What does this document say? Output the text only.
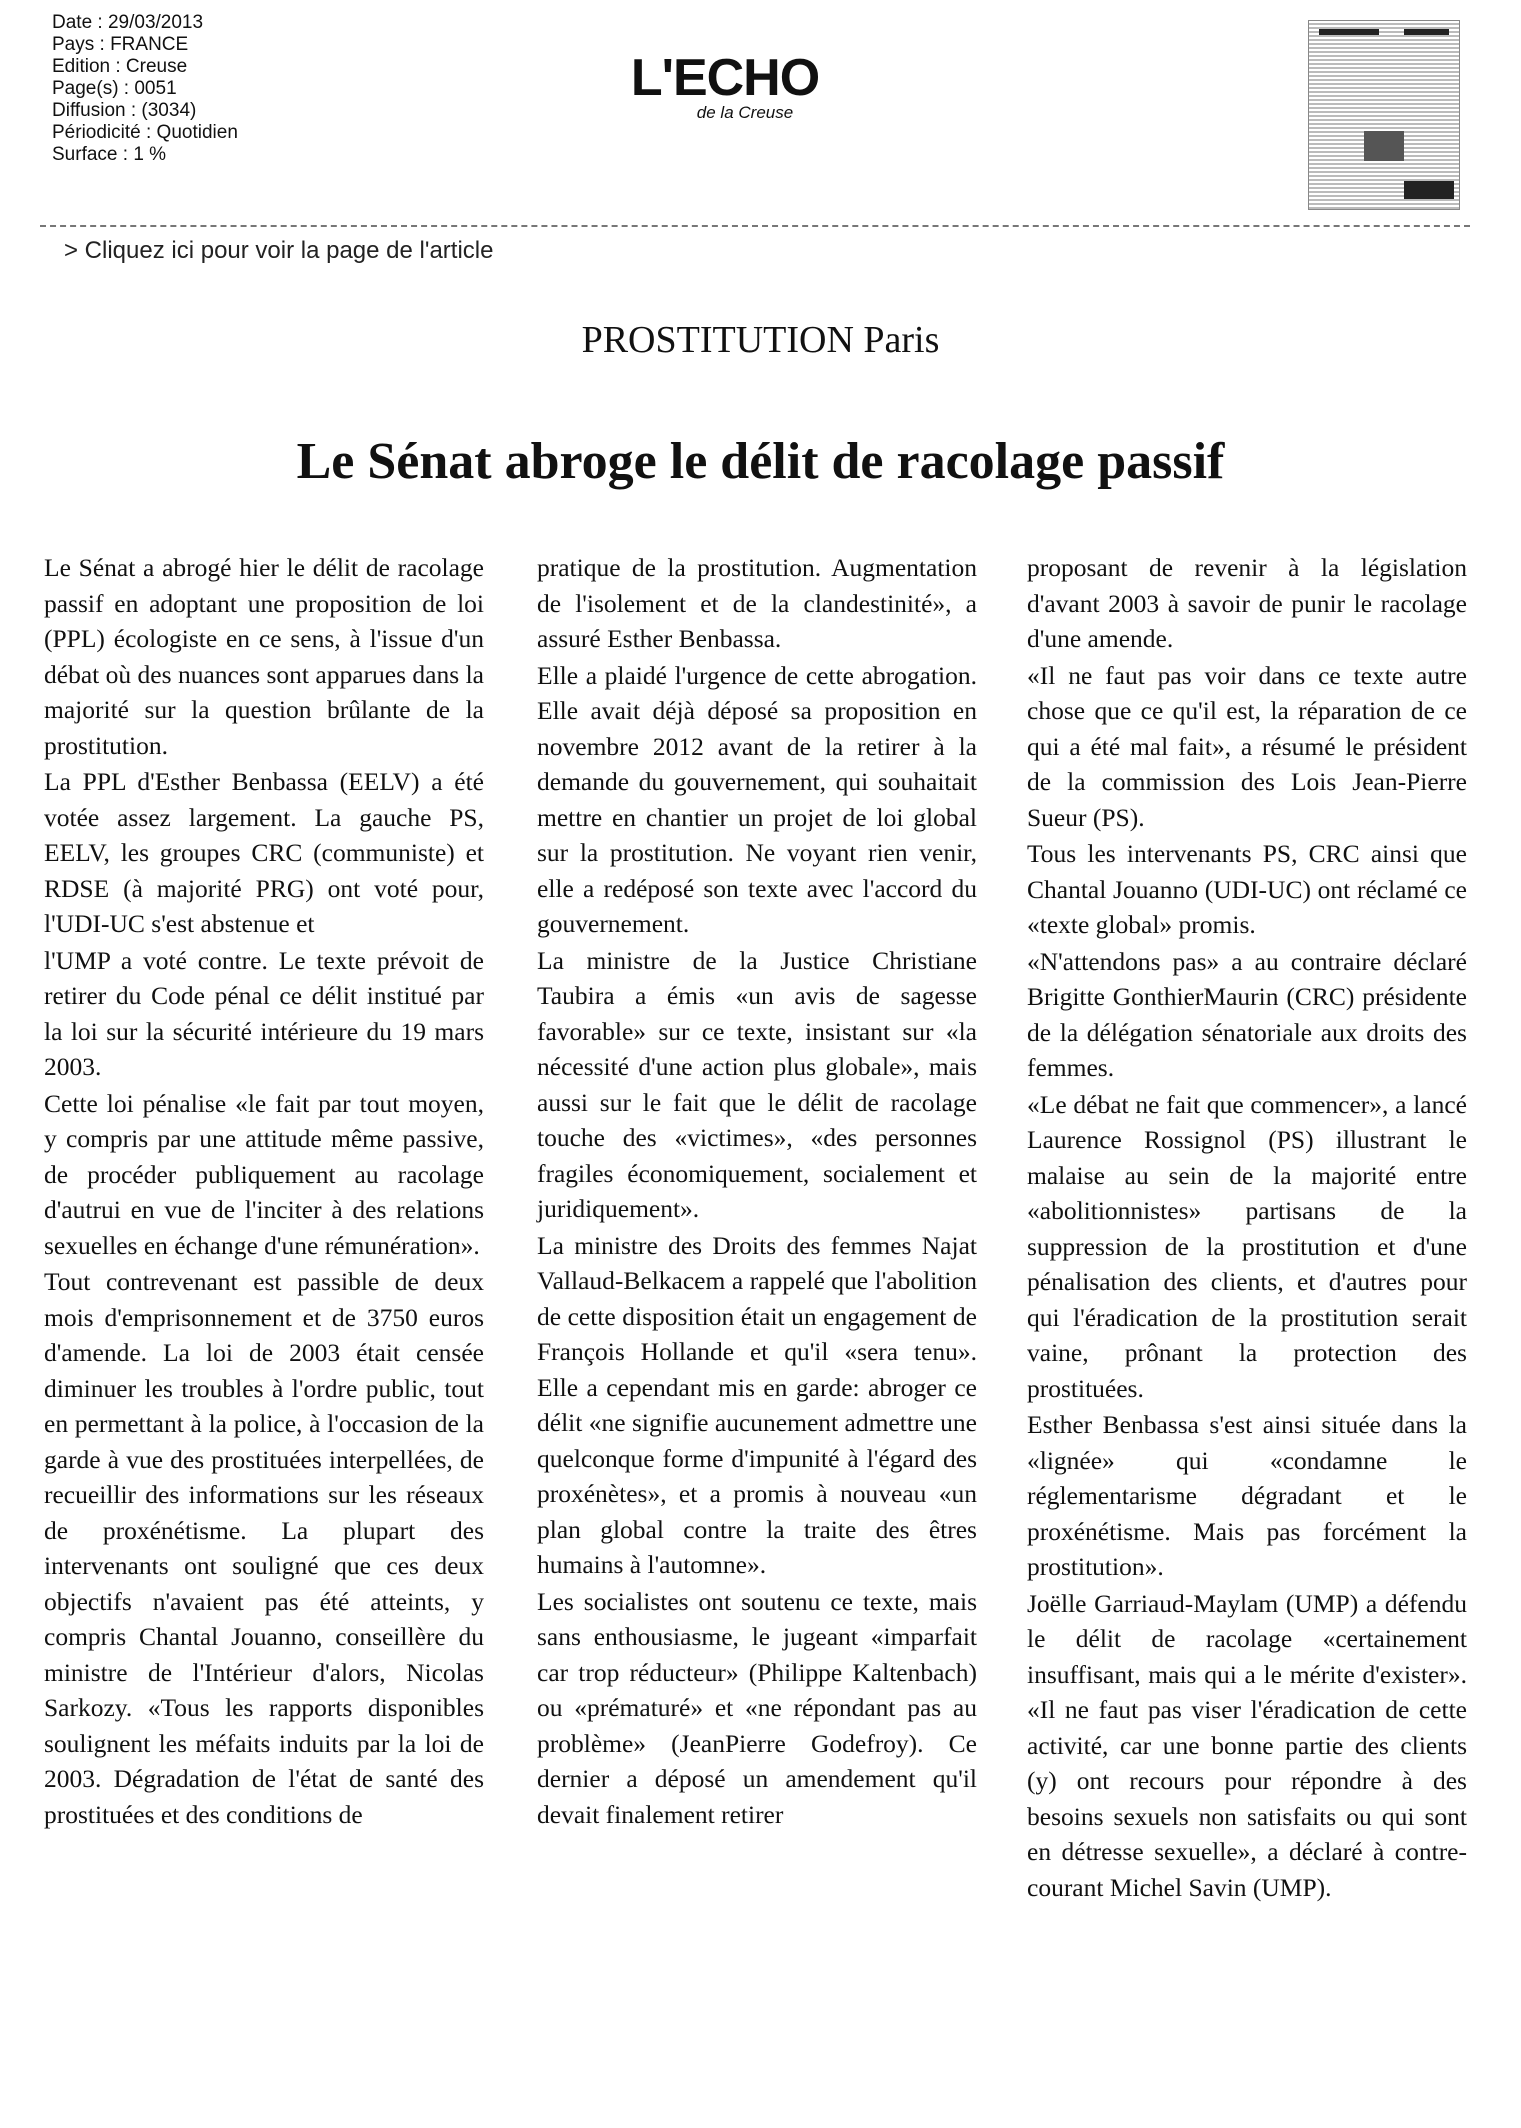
Date : 29/03/2013
Pays : FRANCE
Edition : Creuse
Page(s) : 0051
Diffusion : (3034)
Périodicité : Quotidien
Surface : 1 %
L'ECHO
de la Creuse
> Cliquez ici pour voir la page de l'article
PROSTITUTION Paris
Le Sénat abroge le délit de racolage passif

Le Sénat a abrogé hier le délit de racolage passif en adoptant une proposition de loi (PPL) écologiste en ce sens, à l'issue d'un débat où des nuances sont apparues dans la majorité sur la question brûlante de la prostitution.

La PPL d'Esther Benbassa (EELV) a été votée assez largement. La gauche PS, EELV, les groupes CRC (communiste) et RDSE (à majorité PRG) ont voté pour, l'UDI-UC s'est abstenue et

l'UMP a voté contre. Le texte prévoit de retirer du Code pénal ce délit institué par la loi sur la sécurité intérieure du 19 mars 2003.

Cette loi pénalise «le fait par tout moyen, y compris par une attitude même passive, de procéder publiquement au racolage d'autrui en vue de l'inciter à des relations sexuelles en échange d'une rémunération».

Tout contrevenant est passible de deux mois d'emprisonnement et de 3750 euros d'amende. La loi de 2003 était censée diminuer les troubles à l'ordre public, tout en permettant à la police, à l'occasion de la garde à vue des prostituées interpellées, de recueillir des informations sur les réseaux de proxénétisme. La plupart des intervenants ont souligné que ces deux objectifs n'avaient pas été atteints, y compris Chantal Jouanno, conseillère du ministre de l'Intérieur d'alors, Nicolas Sarkozy. «Tous les rapports disponibles soulignent les méfaits induits par la loi de 2003. Dégradation de l'état de santé des prostituées et des conditions de

pratique de la prostitution. Augmentation de l'isolement et de la clandestinité», a assuré Esther Benbassa.

Elle a plaidé l'urgence de cette abrogation. Elle avait déjà déposé sa proposition en novembre 2012 avant de la retirer à la demande du gouvernement, qui souhaitait mettre en chantier un projet de loi global sur la prostitution. Ne voyant rien venir, elle a redéposé son texte avec l'accord du gouvernement.

La ministre de la Justice Christiane Taubira a émis «un avis de sagesse favorable» sur ce texte, insistant sur «la nécessité d'une action plus globale», mais aussi sur le fait que le délit de racolage touche des «victimes», «des personnes fragiles économiquement, socialement et juridiquement».

La ministre des Droits des femmes Najat Vallaud-Belkacem a rappelé que l'abolition de cette disposition était un engagement de François Hollande et qu'il «sera tenu». Elle a cependant mis en garde: abroger ce délit «ne signifie aucunement admettre une quelconque forme d'impunité à l'égard des proxénètes», et a promis à nouveau «un plan global contre la traite des êtres humains à l'automne».

Les socialistes ont soutenu ce texte, mais sans enthousiasme, le jugeant «imparfait car trop réducteur» (Philippe Kaltenbach) ou «prématuré» et «ne répondant pas au problème» (JeanPierre Godefroy). Ce dernier a déposé un amendement qu'il devait finalement retirer

proposant de revenir à la législation d'avant 2003 à savoir de punir le racolage d'une amende.

«Il ne faut pas voir dans ce texte autre chose que ce qu'il est, la réparation de ce qui a été mal fait», a résumé le président de la commission des Lois Jean-Pierre Sueur (PS).

Tous les intervenants PS, CRC ainsi que Chantal Jouanno (UDI-UC) ont réclamé ce «texte global» promis.

«N'attendons pas» a au contraire déclaré Brigitte GonthierMaurin (CRC) présidente de la délégation sénatoriale aux droits des femmes.

«Le débat ne fait que commencer», a lancé Laurence Rossignol (PS) illustrant le malaise au sein de la majorité entre «abolitionnistes» partisans de la suppression de la prostitution et d'une pénalisation des clients, et d'autres pour qui l'éradication de la prostitution serait vaine, prônant la protection des prostituées.

Esther Benbassa s'est ainsi située dans la «lignée» qui «condamne le réglementarisme dégradant et le proxénétisme. Mais pas forcément la prostitution».

Joëlle Garriaud-Maylam (UMP) a défendu le délit de racolage «certainement insuffisant, mais qui a le mérite d'exister». «Il ne faut pas viser l'éradication de cette activité, car une bonne partie des clients (y) ont recours pour répondre à des besoins sexuels non satisfaits ou qui sont en détresse sexuelle», a déclaré à contre-courant Michel Savin (UMP).
